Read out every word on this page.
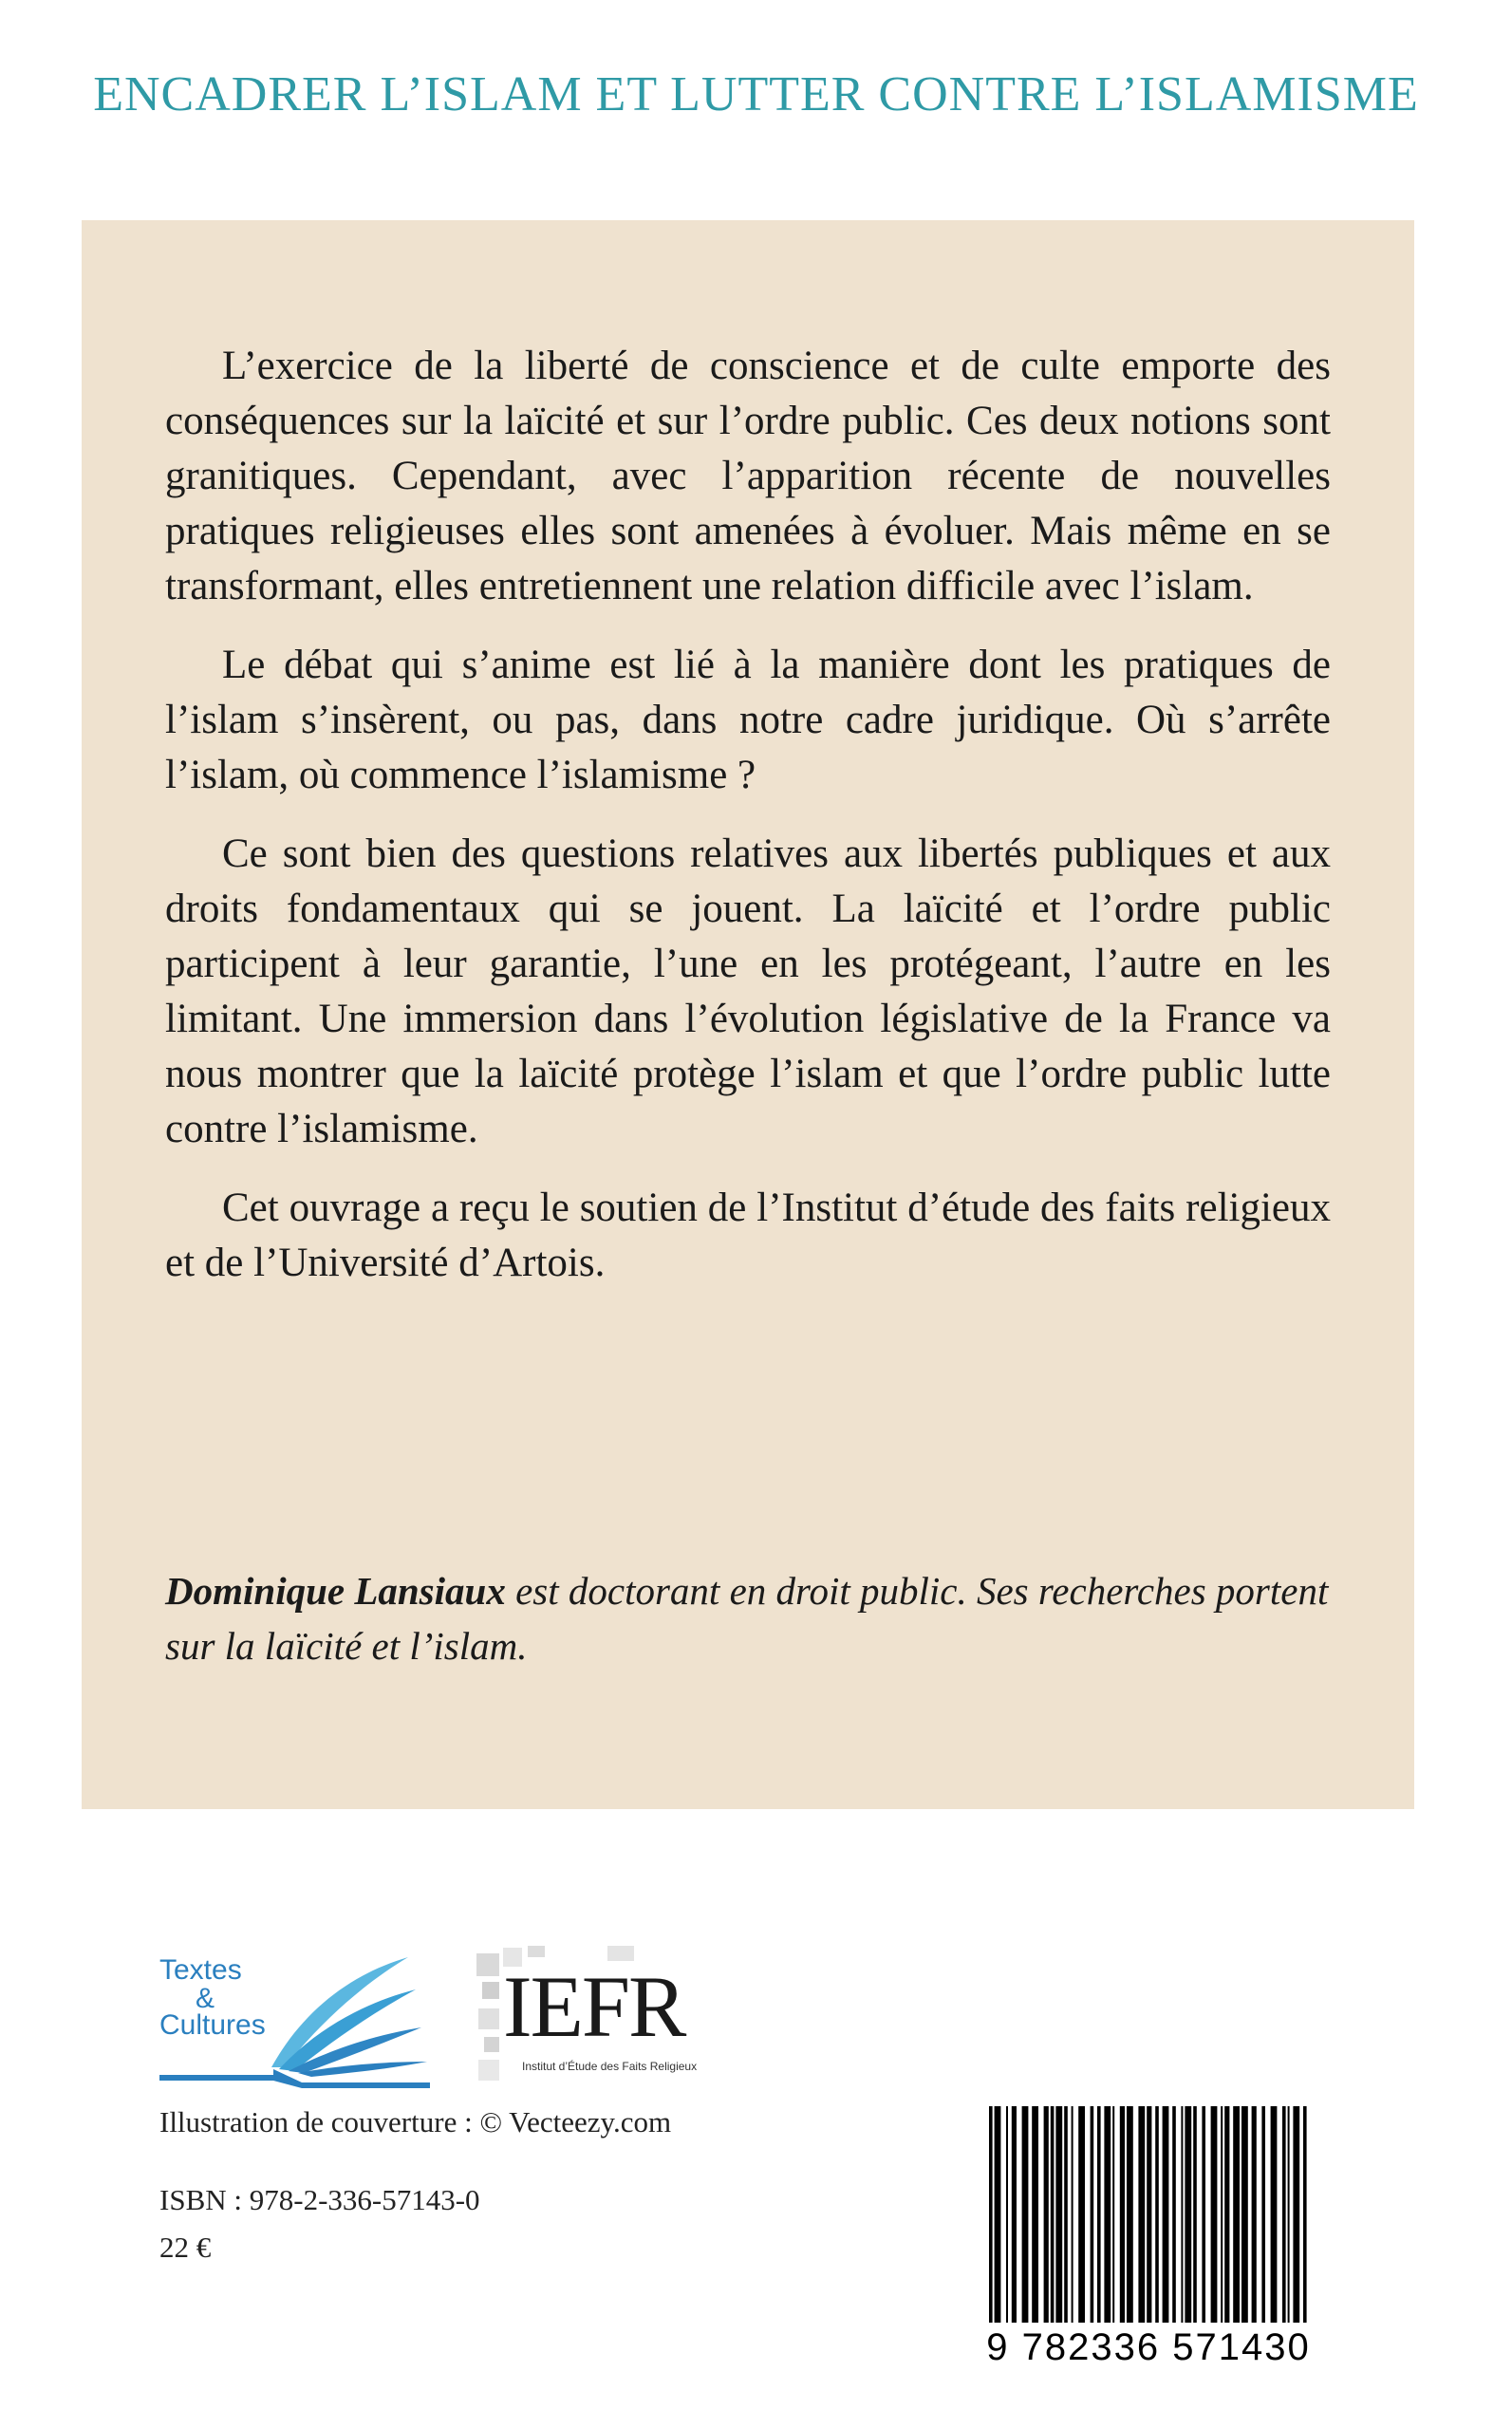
ENCADRER L’ISLAM ET LUTTER CONTRE L’ISLAMISME

L’exercice de la liberté de conscience et de culte emporte des conséquences sur la laïcité et sur l’ordre public. Ces deux notions sont granitiques. Cependant, avec l’apparition récente de nouvelles pratiques religieuses elles sont amenées à évoluer. Mais même en se transformant, elles entretiennent une relation difficile avec l’islam.

Le débat qui s’anime est lié à la manière dont les pratiques de l’islam s’insèrent, ou pas, dans notre cadre juridique. Où s’arrête l’islam, où commence l’islamisme ?

Ce sont bien des questions relatives aux libertés publiques et aux droits fondamentaux qui se jouent. La laïcité et l’ordre public participent à leur garantie, l’une en les protégeant, l’autre en les limitant. Une immersion dans l’évolution législative de la France va nous montrer que la laïcité protège l’islam et que l’ordre public lutte contre l’islamisme.

Cet ouvrage a reçu le soutien de l’Institut d’étude des faits religieux et de l’Université d’Artois.

Dominique Lansiaux est doctorant en droit public. Ses recherches portent sur la laïcité et l’islam.
Textes
&
Cultures	IEFR
Institut d’Étude des Faits Religieux
Illustration de couverture : © Vecteezy.com
ISBN : 978-2-336-57143-0
22 €
9 782336 571430
